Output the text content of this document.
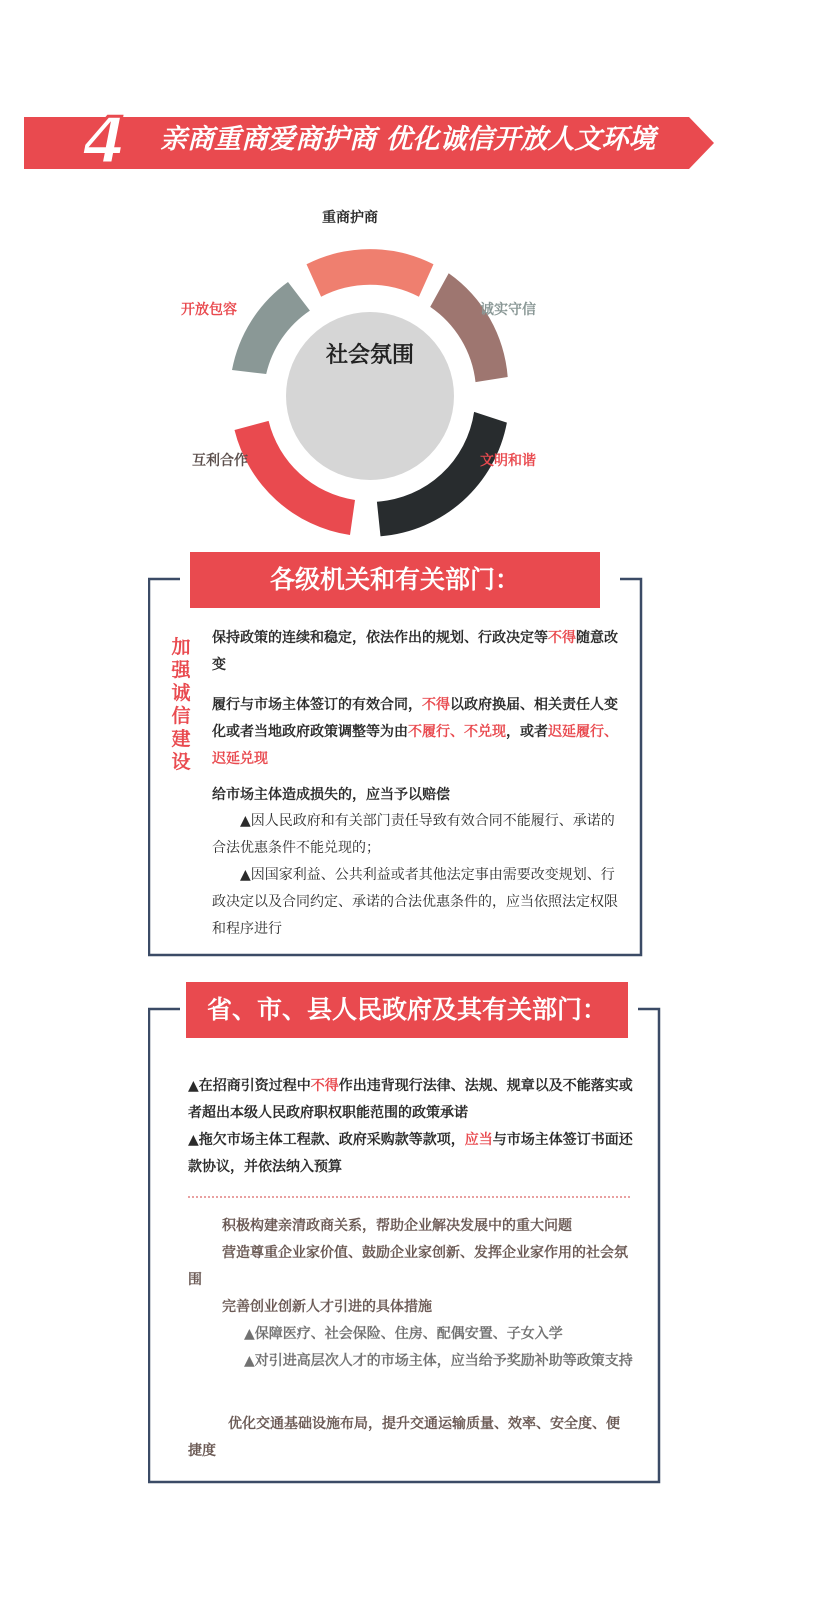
4	亲商重商爱商护商 优化诚信开放人文环境
社会氛围
重商护商
诚实守信
文明和谐
互利合作
开放包容
各级机关和有关部门：
加强诚信建设
保持政策的连续和稳定，依法作出的规划、行政决定等不得随意改变
履行与市场主体签订的有效合同，不得以政府换届、相关责任人变化或者当地政府政策调整等为由不履行、不兑现，或者迟延履行、迟延兑现
给市场主体造成损失的，应当予以赔偿
▲因人民政府和有关部门责任导致有效合同不能履行、承诺的合法优惠条件不能兑现的；
▲因国家利益、公共利益或者其他法定事由需要改变规划、行政决定以及合同约定、承诺的合法优惠条件的，应当依照法定权限和程序进行
省、市、县人民政府及其有关部门：
▲在招商引资过程中不得作出违背现行法律、法规、规章以及不能落实或者超出本级人民政府职权职能范围的政策承诺
▲拖欠市场主体工程款、政府采购款等款项，应当与市场主体签订书面还款协议，并依法纳入预算
积极构建亲清政商关系，帮助企业解决发展中的重大问题
营造尊重企业家价值、鼓励企业家创新、发挥企业家作用的社会氛围
完善创业创新人才引进的具体措施
▲保障医疗、社会保险、住房、配偶安置、子女入学
▲对引进高层次人才的市场主体，应当给予奖励补助等政策支持
优化交通基础设施布局，提升交通运输质量、效率、安全度、便捷度
